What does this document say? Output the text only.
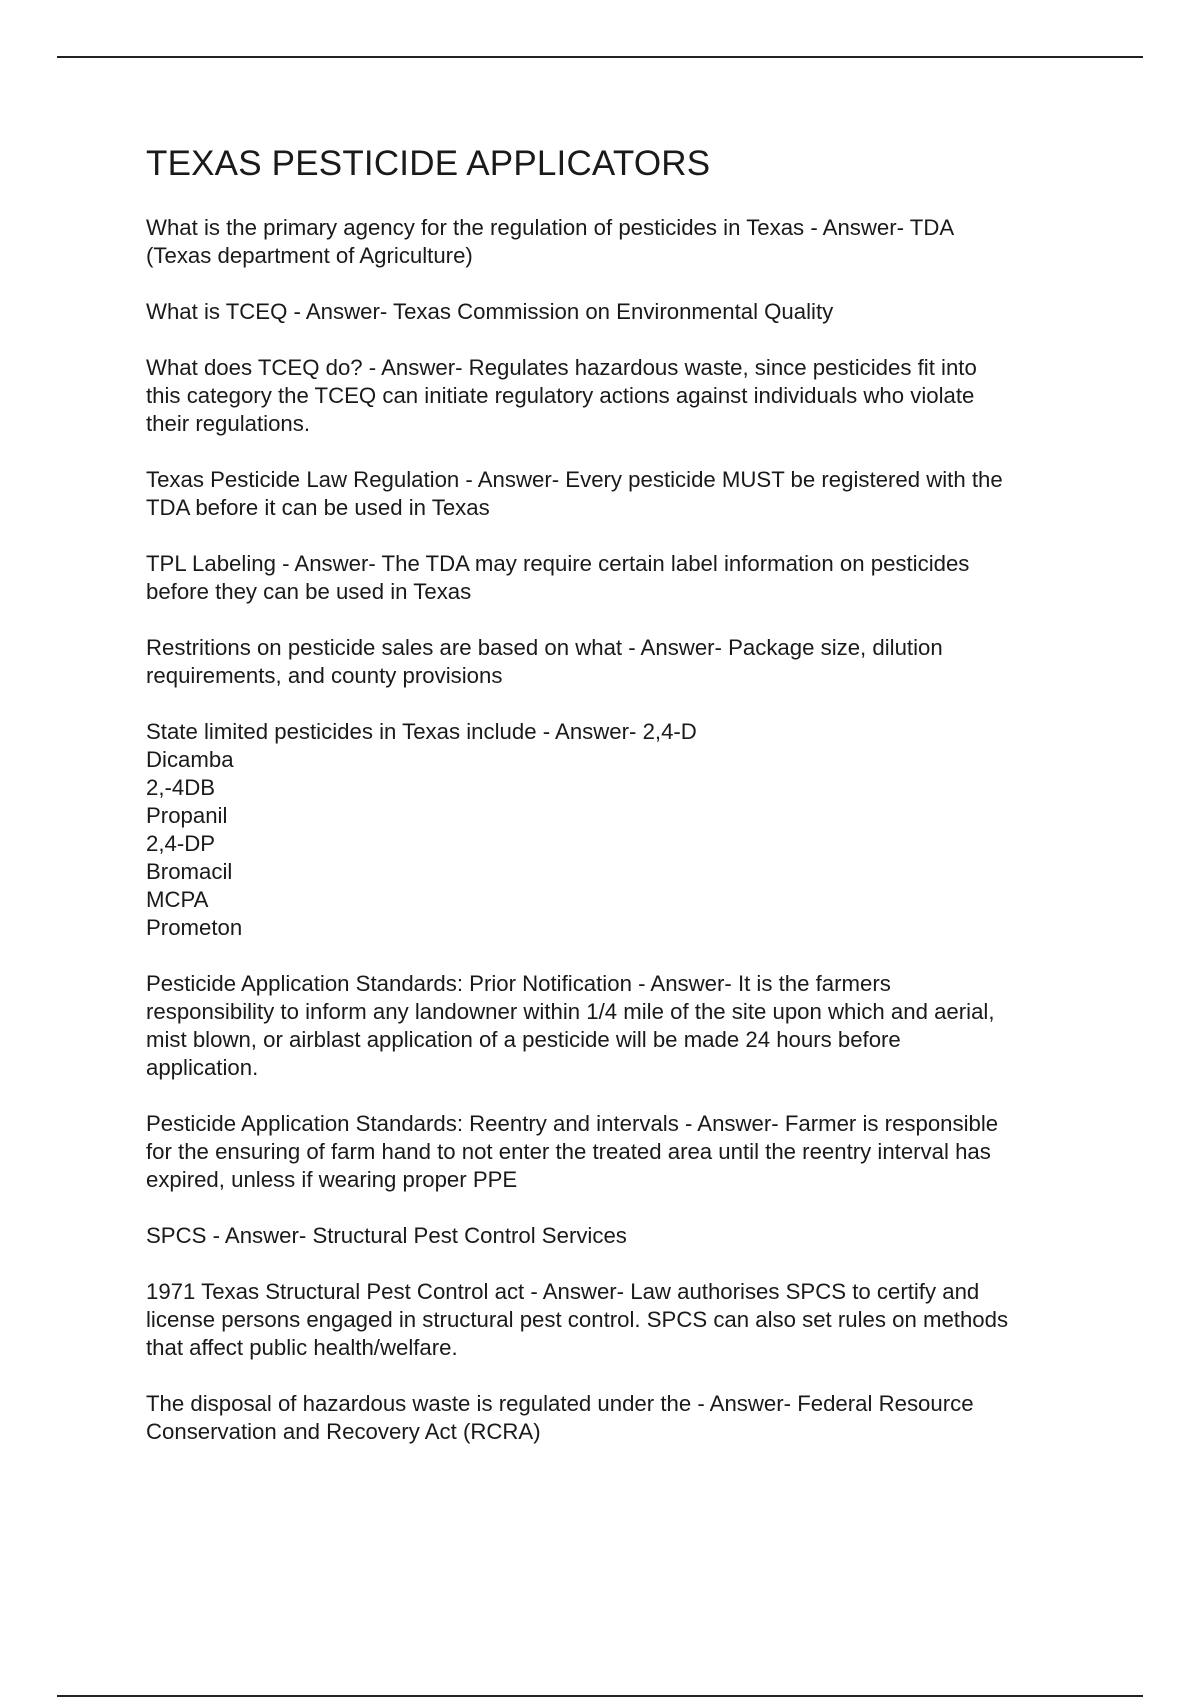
TEXAS PESTICIDE APPLICATORS

What is the primary agency for the regulation of pesticides in Texas - Answer- TDA
(Texas department of Agriculture)

What is TCEQ - Answer- Texas Commission on Environmental Quality

What does TCEQ do? - Answer- Regulates hazardous waste, since pesticides fit into
this category the TCEQ can initiate regulatory actions against individuals who violate
their regulations.

Texas Pesticide Law Regulation - Answer- Every pesticide MUST be registered with the
TDA before it can be used in Texas

TPL Labeling - Answer- The TDA may require certain label information on pesticides
before they can be used in Texas

Restritions on pesticide sales are based on what - Answer- Package size, dilution
requirements, and county provisions

State limited pesticides in Texas include - Answer- 2,4-D
Dicamba
2,-4DB
Propanil
2,4-DP
Bromacil
MCPA
Prometon

Pesticide Application Standards: Prior Notification - Answer- It is the farmers
responsibility to inform any landowner within 1/4 mile of the site upon which and aerial,
mist blown, or airblast application of a pesticide will be made 24 hours before
application.

Pesticide Application Standards: Reentry and intervals - Answer- Farmer is responsible
for the ensuring of farm hand to not enter the treated area until the reentry interval has
expired, unless if wearing proper PPE

SPCS - Answer- Structural Pest Control Services

1971 Texas Structural Pest Control act - Answer- Law authorises SPCS to certify and
license persons engaged in structural pest control. SPCS can also set rules on methods
that affect public health/welfare.

The disposal of hazardous waste is regulated under the - Answer- Federal Resource
Conservation and Recovery Act (RCRA)
